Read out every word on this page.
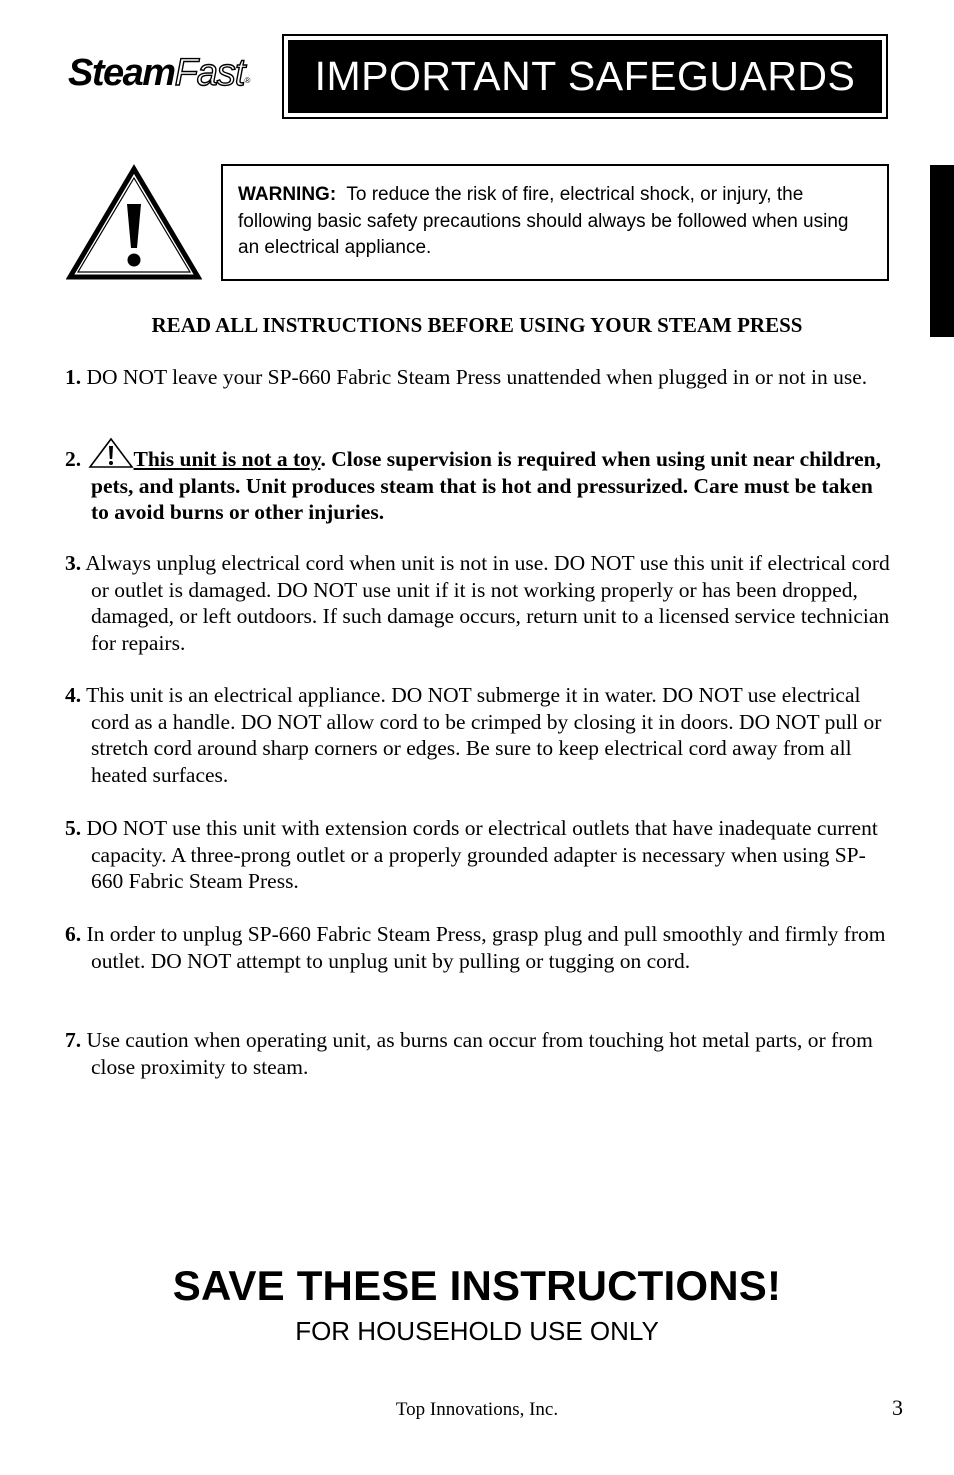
SteamFast®	IMPORTANT SAFEGUARDS
WARNING: To reduce the risk of fire, electrical shock, or injury, the following basic safety precautions should always be followed when using an electrical appliance.
READ ALL INSTRUCTIONS BEFORE USING YOUR STEAM PRESS
1. DO NOT leave your SP-660 Fabric Steam Press unattended when plugged in or not in use.
2. This unit is not a toy. Close supervision is required when using unit near children, pets, and plants. Unit produces steam that is hot and pressurized. Care must be taken to avoid burns or other injuries.
3. Always unplug electrical cord when unit is not in use. DO NOT use this unit if electrical cord or outlet is damaged. DO NOT use unit if it is not working properly or has been dropped, damaged, or left outdoors. If such damage occurs, return unit to a licensed service technician for repairs.
4. This unit is an electrical appliance. DO NOT submerge it in water. DO NOT use electrical cord as a handle. DO NOT allow cord to be crimped by closing it in doors. DO NOT pull or stretch cord around sharp corners or edges. Be sure to keep electrical cord away from all heated surfaces.
5. DO NOT use this unit with extension cords or electrical outlets that have inadequate current capacity. A three-prong outlet or a properly grounded adapter is necessary when using SP-660 Fabric Steam Press.
6. In order to unplug SP-660 Fabric Steam Press, grasp plug and pull smoothly and firmly from outlet. DO NOT attempt to unplug unit by pulling or tugging on cord.
7. Use caution when operating unit, as burns can occur from touching hot metal parts, or from close proximity to steam.
SAVE THESE INSTRUCTIONS!
FOR HOUSEHOLD USE ONLY
Top Innovations, Inc.	3
